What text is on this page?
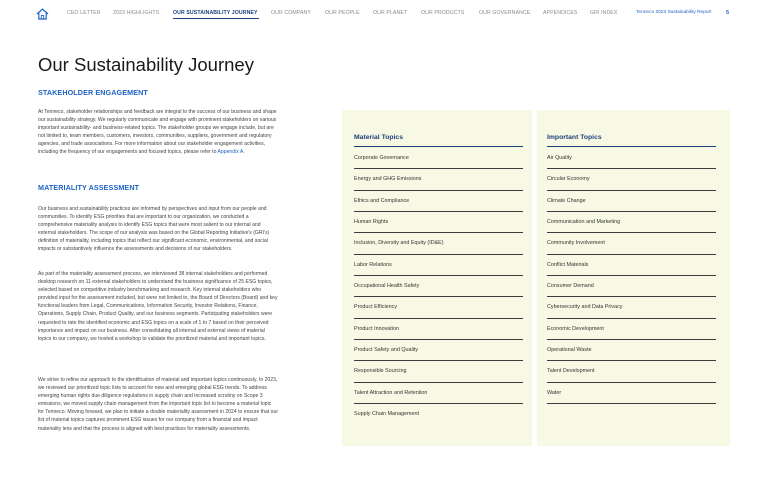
CEO LETTER 2023 HIGHLIGHTS	OUR SUSTAINABILITY JOURNEY	OUR COMPANY	OUR PEOPLE	OUR PLANET	OUR PRODUCTS	OUR GOVERNANCE APPENDICES GRI INDEX	Tenneco 2023 Sustainability Report	5
Our Sustainability Journey
STAKEHOLDER ENGAGEMENT

At Tenneco, stakeholder relationships and feedback are integral to the success of our business and shape our sustainability strategy. We regularly communicate and engage with prominent stakeholders on various important sustainability- and business-related topics. The stakeholder groups we engage include, but are not limited to, team members, customers, investors, communities, suppliers, government and regulatory agencies, and trade associations. For more information about our stakeholder engagement activities, including the frequency of our engagements and focused topics, please refer to Appendix A.

MATERIALITY ASSESSMENT

Our business and sustainability practices are informed by perspectives and input from our people and communities. To identify ESG priorities that are important to our organization, we conducted a comprehensive materiality analysis to identify ESG topics that were most salient to our internal and external stakeholders. The scope of our analysis was based on the Global Reporting Initiative's (GRI's) definition of materiality, including topics that reflect our significant economic, environmental, and social impacts or substantively influence the assessments and decisions of our stakeholders.

As part of the materiality assessment process, we interviewed 38 internal stakeholders and performed desktop research on 11 external stakeholders to understand the business significance of 25 ESG topics, selected based on competitive industry benchmarking and research. Key internal stakeholders who provided input for the assessment included, but were not limited to, the Board of Directors (Board) and key functional leaders from Legal, Communications, Information Security, Investor Relations, Finance, Operations, Supply Chain, Product Quality, and our business segments. Participating stakeholders were requested to rate the identified economic and ESG topics on a scale of 1 to 7 based on their perceived importance and impact on our business. After consolidating all internal and external views of material topics to our company, we hosted a workshop to validate the prioritized material and important topics.

We strive to refine our approach to the identification of material and important topics continuously. In 2023, we reviewed our prioritized topic lists to account for new and emerging global ESG trends. To address emerging human rights due diligence regulations in supply chain and increased scrutiny on Scope 3 emissions, we moved supply chain management from the important topic list to become a material topic for Tenneco. Moving forward, we plan to initiate a double materiality assessment in 2024 to ensure that our list of material topics captures prominent ESG issues for our company from a financial and impact materiality lens and that the process is aligned with best practices for materiality assessments.

Material Topics
Corporate Governance
Energy and GHG Emissions
Ethics and Compliance
Human Rights
Inclusion, Diversity and Equity (ID&E)
Labor Relations
Occupational Health Safety
Product Efficiency
Product Innovation
Product Safety and Quality
Responsible Sourcing
Talent Attraction and Retention
Supply Chain Management
Important Topics
Air Quality
Circular Economy
Climate Change
Communication and Marketing
Community Involvement
Conflict Materials
Consumer Demand
Cybersecurity and Data Privacy
Economic Development
Operational Waste
Talent Development
Water
